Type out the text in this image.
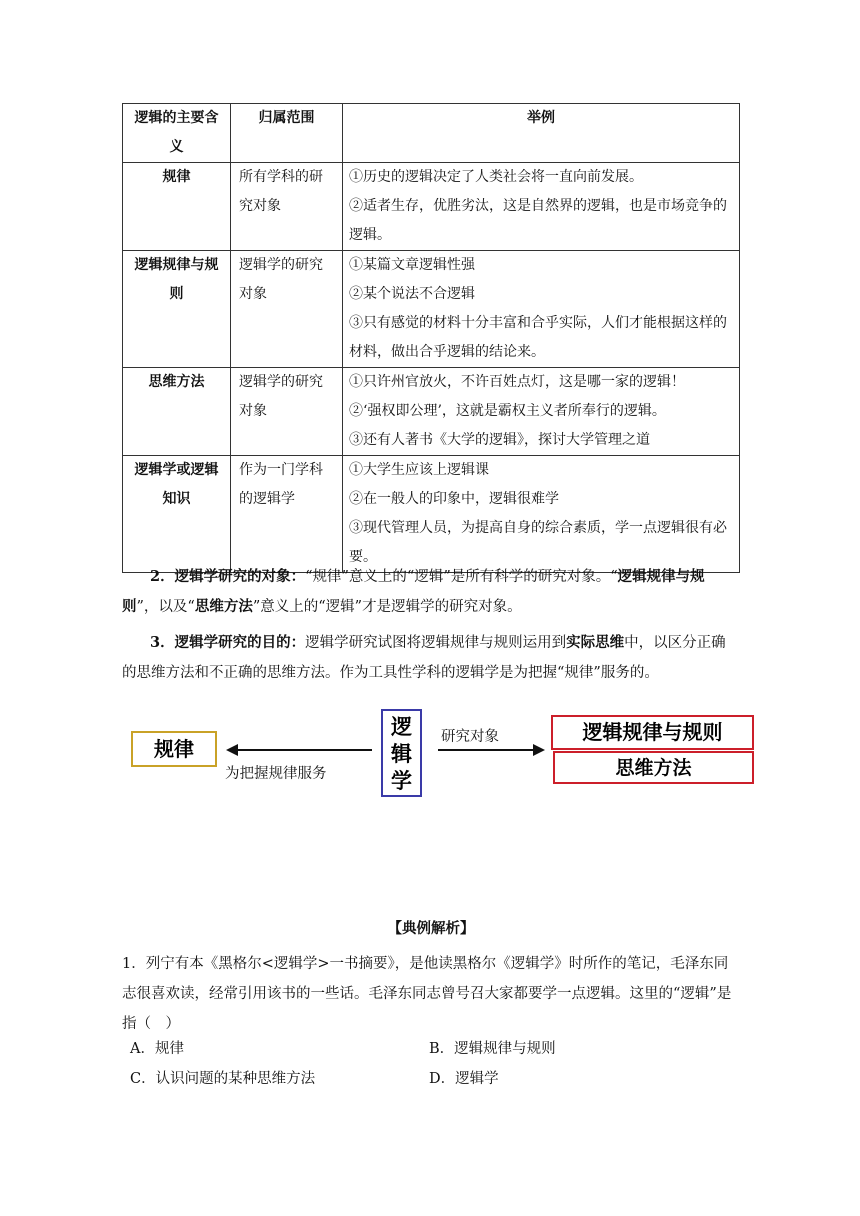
逻辑的主要含义	归属范围	举例
规律	所有学科的研究对象	①历史的逻辑决定了人类社会将一直向前发展。
②适者生存，优胜劣汰，这是自然界的逻辑，也是市场竞争的逻辑。

逻辑规律与规则	逻辑学的研究对象	①某篇文章逻辑性强
②某个说法不合逻辑
③只有感觉的材料十分丰富和合乎实际，人们才能根据这样的材料，做出合乎逻辑的结论来。

思维方法	逻辑学的研究对象	①只许州官放火，不许百姓点灯，这是哪一家的逻辑！
②‘强权即公理’，这就是霸权主义者所奉行的逻辑。
③还有人著书《大学的逻辑》，探讨大学管理之道

逻辑学或逻辑知识	作为一门学科的逻辑学	①大学生应该上逻辑课
②在一般人的印象中，逻辑很难学
③现代管理人员，为提高自身的综合素质，学一点逻辑很有必要。

2．逻辑学研究的对象：“规律”意义上的“逻辑”是所有科学的研究对象。“逻辑规律与规则”，以及“思维方法”意义上的“逻辑”才是逻辑学的研究对象。

3．逻辑学研究的目的：逻辑学研究试图将逻辑规律与规则运用到实际思维中，以区分正确的思维方法和不正确的思维方法。作为工具性学科的逻辑学是为把握“规律”服务的。

规律
逻
辑
学
逻辑规律与规则
思维方法
为把握规律服务
研究对象
【典例解析】
1．列宁有本《黑格尔<逻辑学>一书摘要》，是他读黑格尔《逻辑学》时所作的笔记，毛泽东同志很喜欢读，经常引用该书的一些话。毛泽东同志曾号召大家都要学一点逻辑。这里的“逻辑”是指（　）
A．规律	B．逻辑规律与规则
C．认识问题的某种思维方法	D．逻辑学
